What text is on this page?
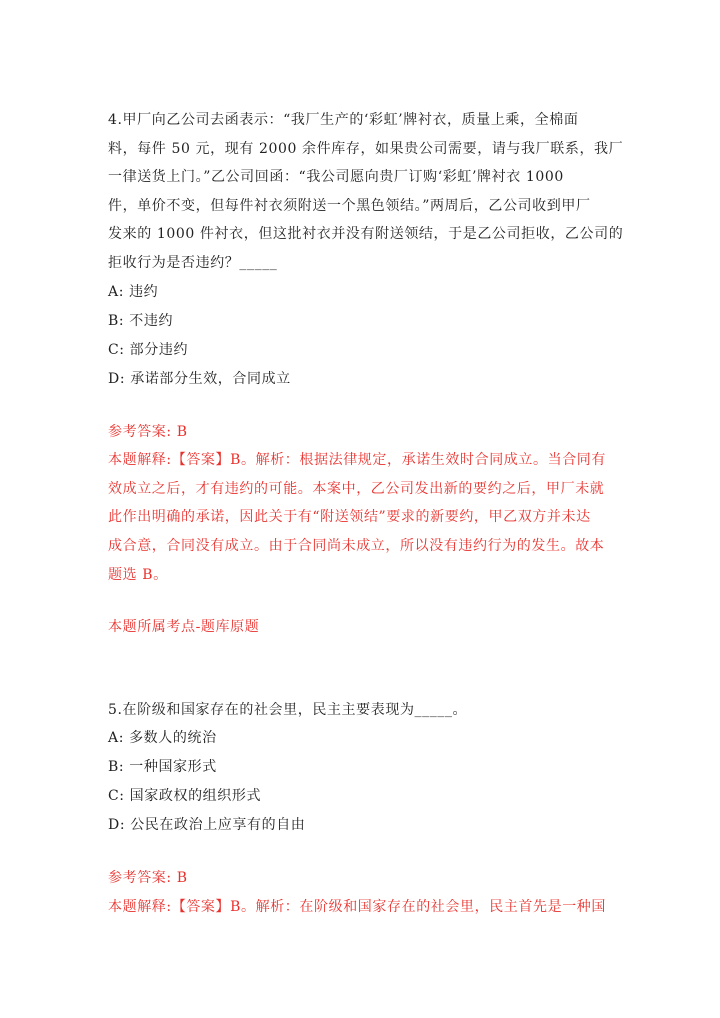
4.甲厂向乙公司去函表示：“我厂生产的‘彩虹’牌衬衣，质量上乘，全棉面
料，每件 50 元，现有 2000 余件库存，如果贵公司需要，请与我厂联系，我厂
一律送货上门。”乙公司回函：“我公司愿向贵厂订购‘彩虹’牌衬衣 1000
件，单价不变，但每件衬衣须附送一个黑色领结。”两周后，乙公司收到甲厂
发来的 1000 件衬衣，但这批衬衣并没有附送领结，于是乙公司拒收，乙公司的
拒收行为是否违约？_____
A: 违约
B: 不违约
C: 部分违约
D: 承诺部分生效，合同成立
参考答案: B
本题解释:【答案】B。解析：根据法律规定，承诺生效时合同成立。当合同有
效成立之后，才有违约的可能。本案中，乙公司发出新的要约之后，甲厂未就
此作出明确的承诺，因此关于有“附送领结”要求的新要约，甲乙双方并未达
成合意，合同没有成立。由于合同尚未成立，所以没有违约行为的发生。故本
题选 B。
本题所属考点-题库原题
5.在阶级和国家存在的社会里，民主主要表现为_____。
A: 多数人的统治
B: 一种国家形式
C: 国家政权的组织形式
D: 公民在政治上应享有的自由
参考答案: B
本题解释:【答案】B。解析：在阶级和国家存在的社会里，民主首先是一种国
